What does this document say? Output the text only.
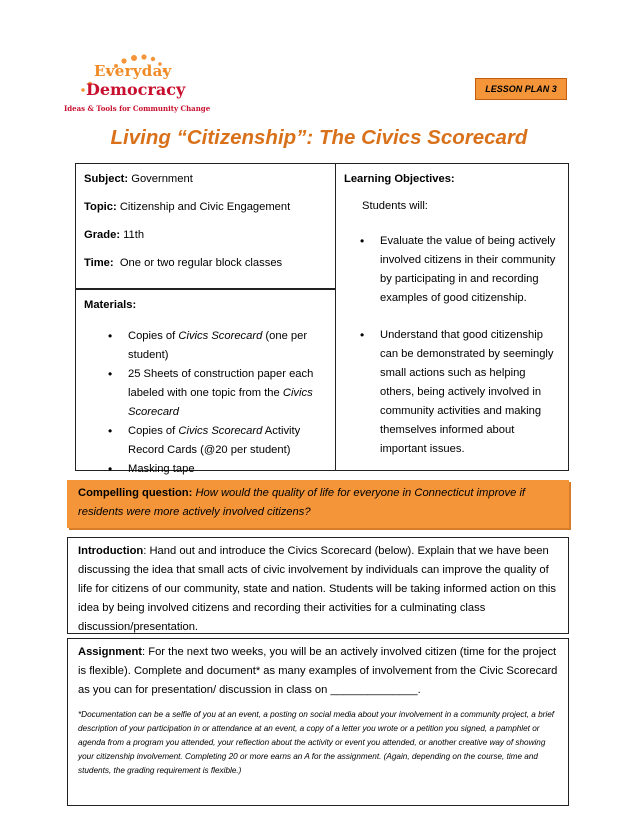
Everyday
Democracy
Ideas & Tools for Community Change
LESSON PLAN 3
Living “Citizenship”: The Civics Scorecard

Subject: Government

Topic: Citizenship and Civic Engagement

Grade: 11th

Time:  One or two regular block classes

Materials:
• Copies of Civics Scorecard (one per student)
• 25 Sheets of construction paper each labeled with one topic from the Civics Scorecard
• Copies of Civics Scorecard Activity Record Cards (@20 per student)
• Masking tape
Learning Objectives:
Students will:
• Evaluate the value of being actively involved citizens in their community by participating in and recording examples of good citizenship.
• Understand that good citizenship can be demonstrated by seemingly small actions such as helping others, being actively involved in community activities and making themselves informed about important issues.
Compelling question: How would the quality of life for everyone in Connecticut improve if residents were more actively involved citizens?
Introduction: Hand out and introduce the Civics Scorecard (below). Explain that we have been discussing the idea that small acts of civic involvement by individuals can improve the quality of life for citizens of our community, state and nation. Students will be taking informed action on this idea by being involved citizens and recording their activities for a culminating class discussion/presentation.
Assignment: For the next two weeks, you will be an actively involved citizen (time for the project is flexible). Complete and document* as many examples of involvement from the Civic Scorecard as you can for presentation/ discussion in class on ______________.
*Documentation can be a selfie of you at an event, a posting on social media about your involvement in a community project, a brief description of your participation in or attendance at an event, a copy of a letter you wrote or a petition you signed, a pamphlet or agenda from a program you attended, your reflection about the activity or event you attended, or another creative way of showing your citizenship involvement. Completing 20 or more earns an A for the assignment. (Again, depending on the course, time and students, the grading requirement is flexible.)
